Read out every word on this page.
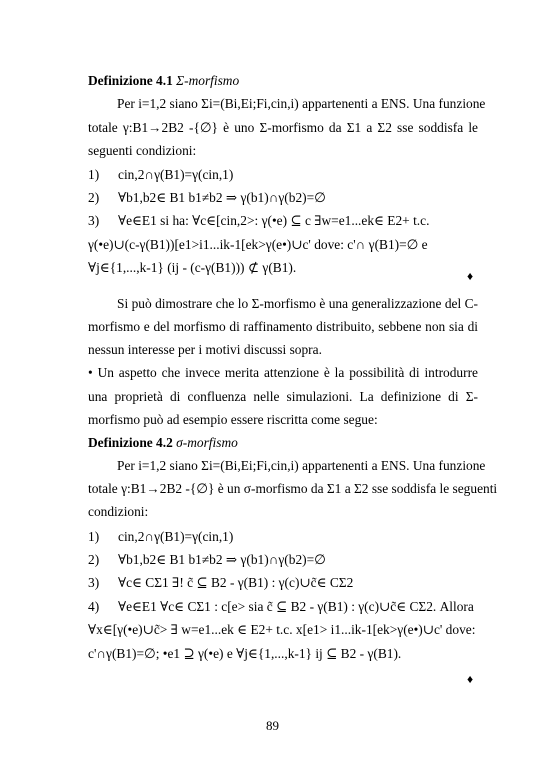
Definizione 4.1 Σ-morfismo
Per i=1,2 siano Σi=(Bi,Ei;Fi,cin,i) appartenenti a ENS. Una funzione
totale γ:B1→2B2 -{∅} è uno Σ-morfismo da Σ1 a Σ2 sse soddisfa le
seguenti condizioni:
1) cin,2∩γ(B1)=γ(cin,1)
2) ∀b1,b2∈ B1 b1≠b2 ⇒ γ(b1)∩γ(b2)=∅
3) ∀e∈E1 si ha: ∀c∈[cin,2>: γ(•e) ⊆ c ∃w=e1...ek∈ E2+ t.c.
γ(•e)∪(c-γ(B1))[e1>i1...ik-1[ek>γ(e•)∪c' dove: c'∩ γ(B1)=∅ e
∀j∈{1,...,k-1} (ij - (c-γ(B1))) ⊄ γ(B1).
♦
Si può dimostrare che lo Σ-morfismo è una generalizzazione del C-
morfismo e del morfismo di raffinamento distribuito, sebbene non sia di
nessun interesse per i motivi discussi sopra.
• Un aspetto che invece merita attenzione è la possibilità di introdurre
una proprietà di confluenza nelle simulazioni. La definizione di Σ-
morfismo può ad esempio essere riscritta come segue:
Definizione 4.2 σ-morfismo
Per i=1,2 siano Σi=(Bi,Ei;Fi,cin,i) appartenenti a ENS. Una funzione
totale γ:B1→2B2 -{∅} è un σ-morfismo da Σ1 a Σ2 sse soddisfa le seguenti
condizioni:
1) cin,2∩γ(B1)=γ(cin,1)
2) ∀b1,b2∈ B1 b1≠b2 ⇒ γ(b1)∩γ(b2)=∅
3) ∀c∈ CΣ1 ∃! c̃ ⊆ B2 - γ(B1) : γ(c)∪c̃∈ CΣ2
4) ∀e∈E1 ∀c∈ CΣ1 : c[e> sia c̃ ⊆ B2 - γ(B1) : γ(c)∪c̃∈ CΣ2. Allora
∀x∈[γ(•e)∪c̃> ∃ w=e1...ek ∈ E2+ t.c. x[e1> i1...ik-1[ek>γ(e•)∪c' dove:
c'∩γ(B1)=∅; •e1 ⊇ γ(•e) e ∀j∈{1,...,k-1} ij ⊆ B2 - γ(B1).
♦
89
